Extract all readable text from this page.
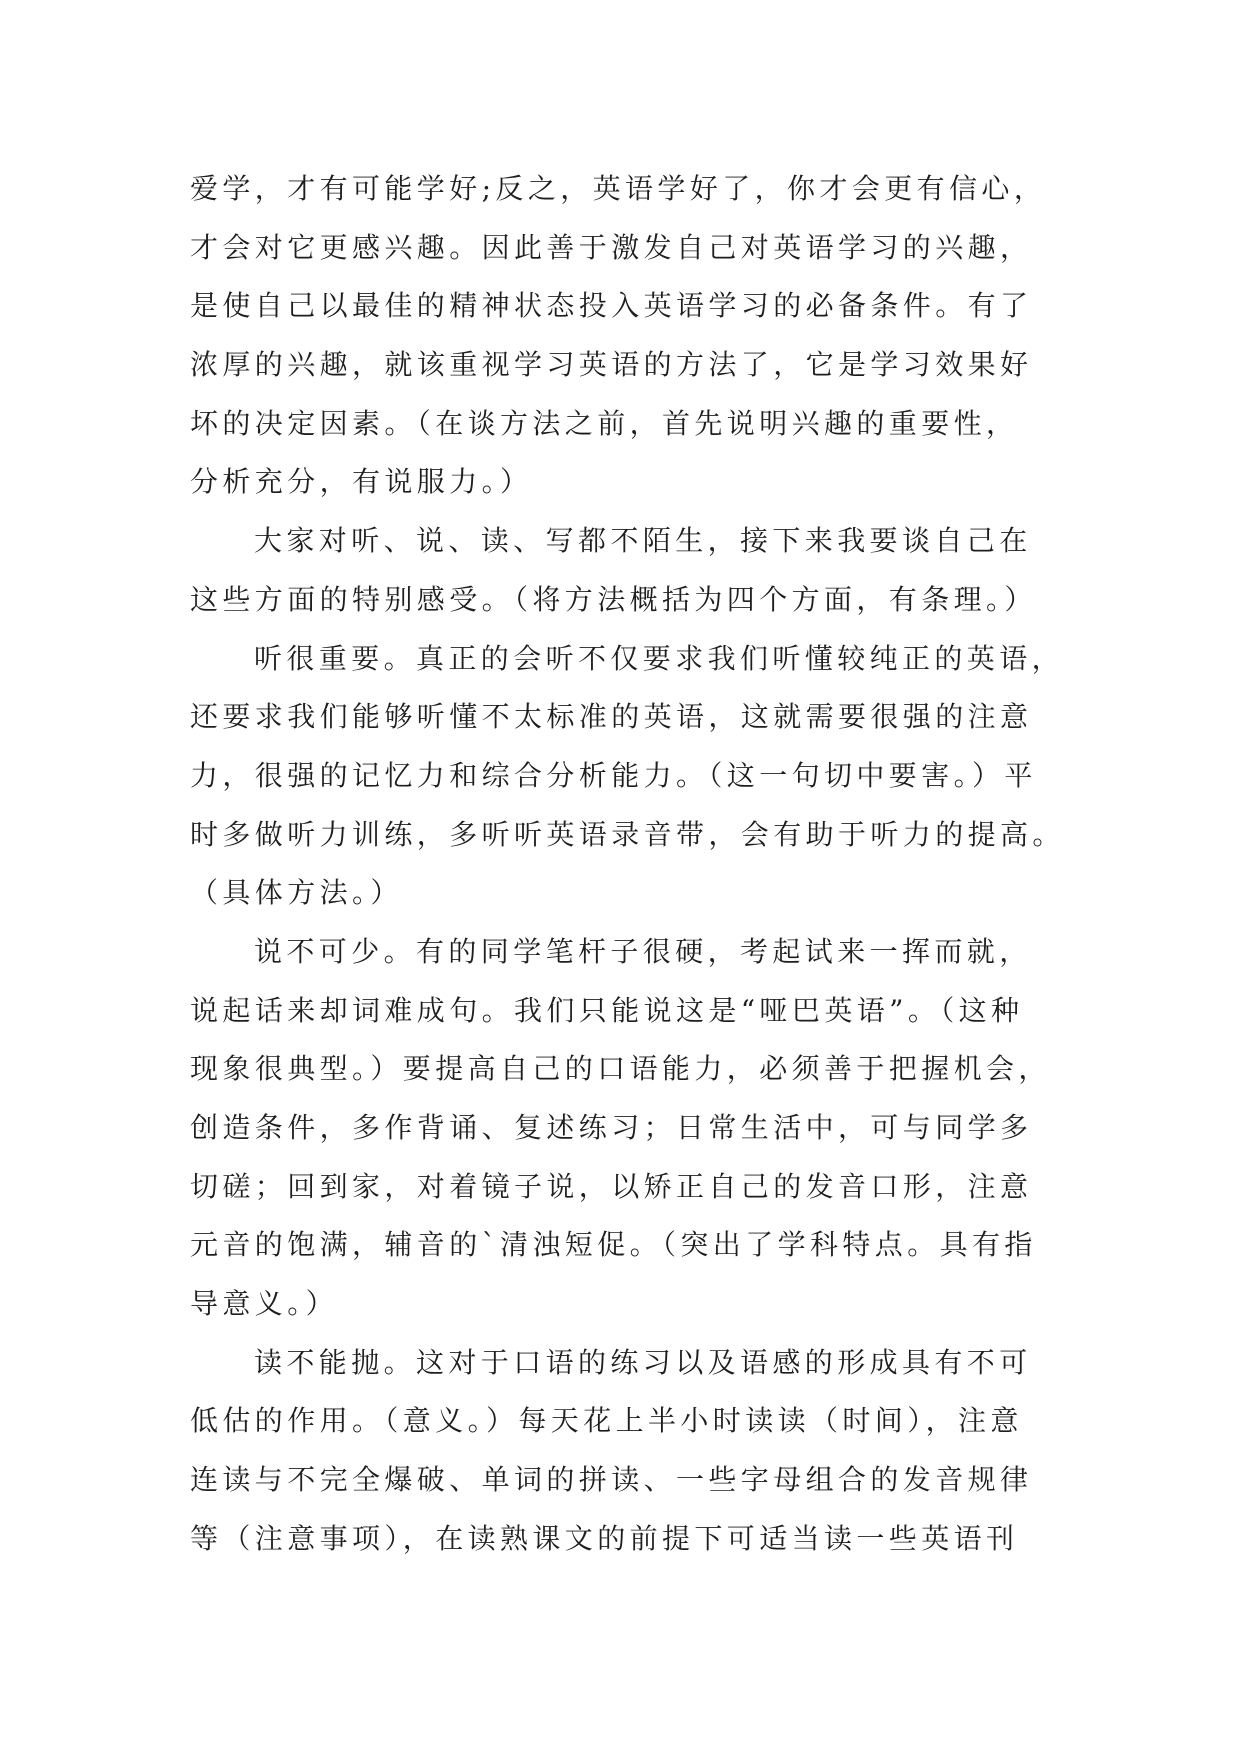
爱学，才有可能学好;反之，英语学好了，你才会更有信心，
才会对它更感兴趣。因此善于激发自己对英语学习的兴趣，
是使自己以最佳的精神状态投入英语学习的必备条件。有了
浓厚的兴趣，就该重视学习英语的方法了，它是学习效果好
坏的决定因素。（在谈方法之前，首先说明兴趣的重要性，
分析充分，有说服力。）
大家对听、说、读、写都不陌生，接下来我要谈自己在
这些方面的特别感受。（将方法概括为四个方面，有条理。）
听很重要。真正的会听不仅要求我们听懂较纯正的英语，
还要求我们能够听懂不太标准的英语，这就需要很强的注意
力，很强的记忆力和综合分析能力。（这一句切中要害。）平
时多做听力训练，多听听英语录音带，会有助于听力的提高。
（具体方法。）
说不可少。有的同学笔杆子很硬，考起试来一挥而就，
说起话来却词难成句。我们只能说这是“哑巴英语”。（这种
现象很典型。）要提高自己的口语能力，必须善于把握机会，
创造条件，多作背诵、复述练习；日常生活中，可与同学多
切磋；回到家，对着镜子说，以矫正自己的发音口形，注意
元音的饱满，辅音的`清浊短促。（突出了学科特点。具有指
导意义。）
读不能抛。这对于口语的练习以及语感的形成具有不可
低估的作用。（意义。）每天花上半小时读读（时间），注意
连读与不完全爆破、单词的拼读、一些字母组合的发音规律
等（注意事项），在读熟课文的前提下可适当读一些英语刊
